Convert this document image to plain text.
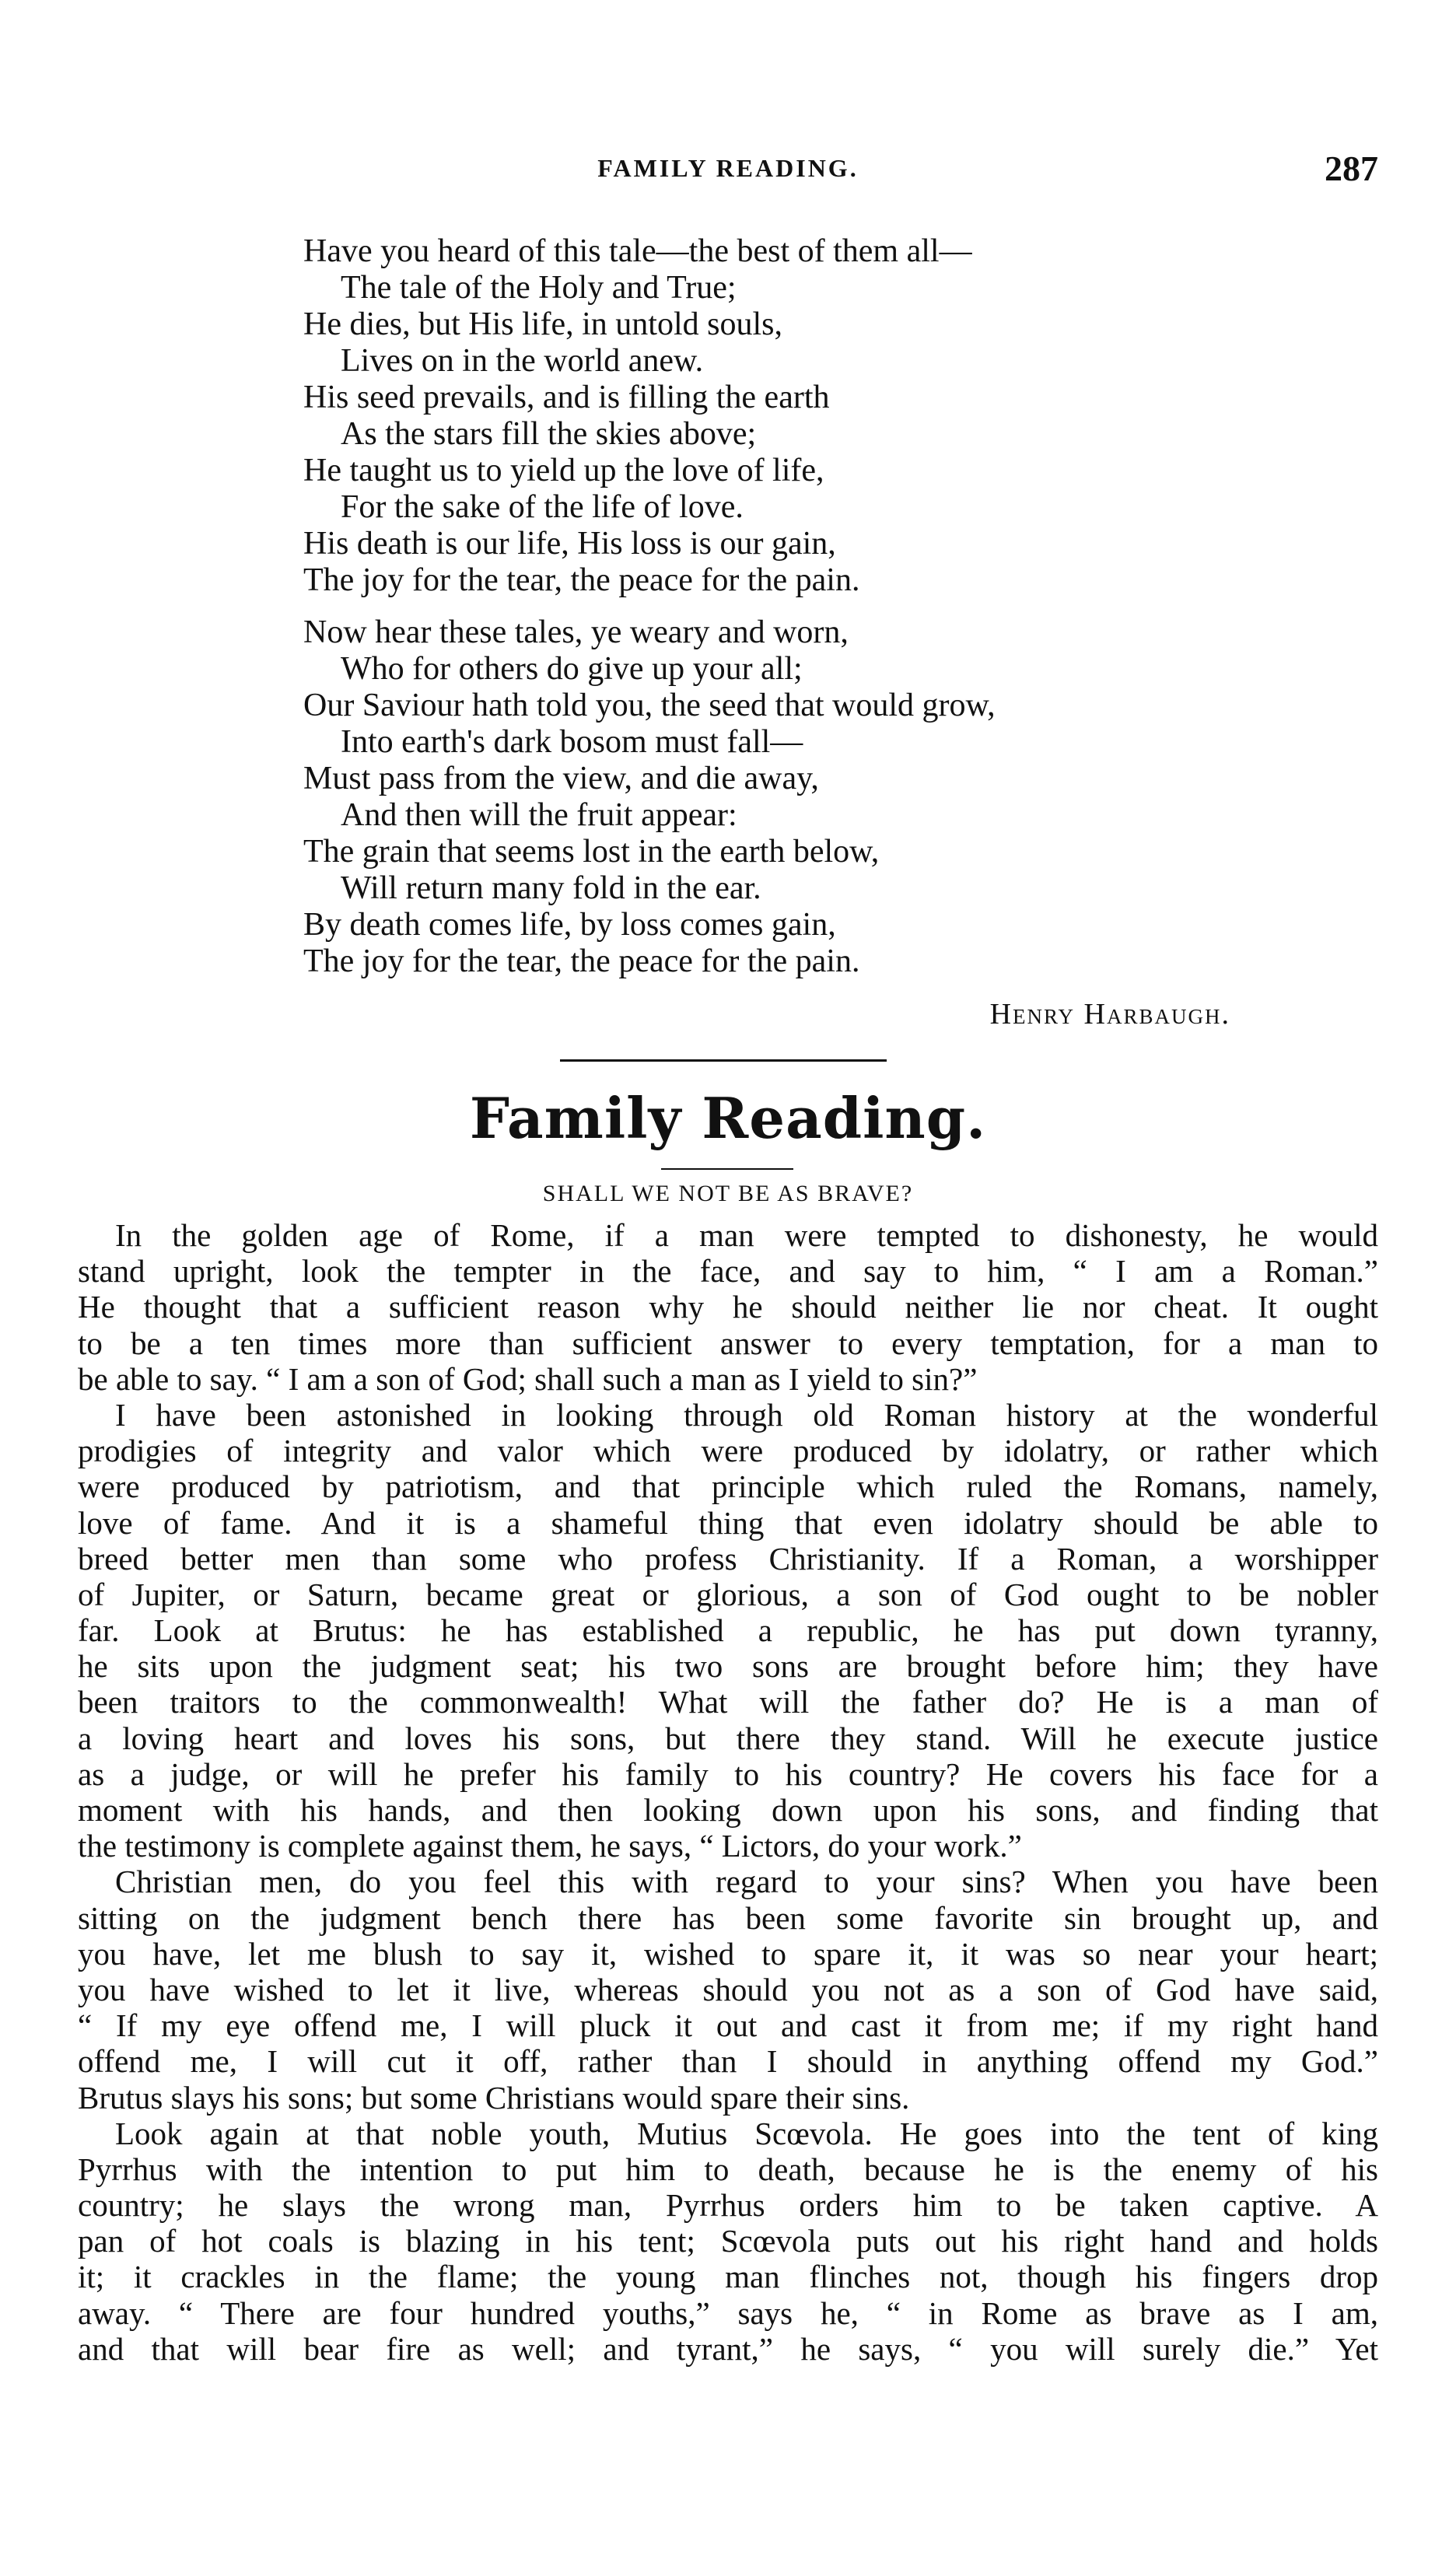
FAMILY READING.	287
Have you heard of this tale—the best of them all—
The tale of the Holy and True;
He dies, but His life, in untold souls,
Lives on in the world anew.
His seed prevails, and is filling the earth
As the stars fill the skies above;
He taught us to yield up the love of life,
For the sake of the life of love.
His death is our life, His loss is our gain,
The joy for the tear, the peace for the pain.
Now hear these tales, ye weary and worn,
Who for others do give up your all;
Our Saviour hath told you, the seed that would grow,
Into earth's dark bosom must fall—
Must pass from the view, and die away,
And then will the fruit appear:
The grain that seems lost in the earth below,
Will return many fold in the ear.
By death comes life, by loss comes gain,
The joy for the tear, the peace for the pain.
Henry Harbaugh.
Family Reading.
SHALL WE NOT BE AS BRAVE?
In the golden age of Rome, if a man were tempted to dishonesty, he would
stand upright, look the tempter in the face, and say to him, “ I am a Roman.”
He thought that a sufficient reason why he should neither lie nor cheat. It ought
to be a ten times more than sufficient answer to every temptation, for a man to
be able to say. “ I am a son of God; shall such a man as I yield to sin?”
I have been astonished in looking through old Roman history at the wonderful
prodigies of integrity and valor which were produced by idolatry, or rather which
were produced by patriotism, and that principle which ruled the Romans, namely,
love of fame. And it is a shameful thing that even idolatry should be able to
breed better men than some who profess Christianity. If a Roman, a worshipper
of Jupiter, or Saturn, became great or glorious, a son of God ought to be nobler
far. Look at Brutus: he has established a republic, he has put down tyranny,
he sits upon the judgment seat; his two sons are brought before him; they have
been traitors to the commonwealth! What will the father do? He is a man of
a loving heart and loves his sons, but there they stand. Will he execute justice
as a judge, or will he prefer his family to his country? He covers his face for a
moment with his hands, and then looking down upon his sons, and finding that
the testimony is complete against them, he says, “ Lictors, do your work.”
Christian men, do you feel this with regard to your sins? When you have been
sitting on the judgment bench there has been some favorite sin brought up, and
you have, let me blush to say it, wished to spare it, it was so near your heart;
you have wished to let it live, whereas should you not as a son of God have said,
“ If my eye offend me, I will pluck it out and cast it from me; if my right hand
offend me, I will cut it off, rather than I should in anything offend my God.”
Brutus slays his sons; but some Christians would spare their sins.
Look again at that noble youth, Mutius Scœvola. He goes into the tent of king
Pyrrhus with the intention to put him to death, because he is the enemy of his
country; he slays the wrong man, Pyrrhus orders him to be taken captive. A
pan of hot coals is blazing in his tent; Scœvola puts out his right hand and holds
it; it crackles in the flame; the young man flinches not, though his fingers drop
away. “ There are four hundred youths,” says he, “ in Rome as brave as I am,
and that will bear fire as well; and tyrant,” he says, “ you will surely die.” Yet
